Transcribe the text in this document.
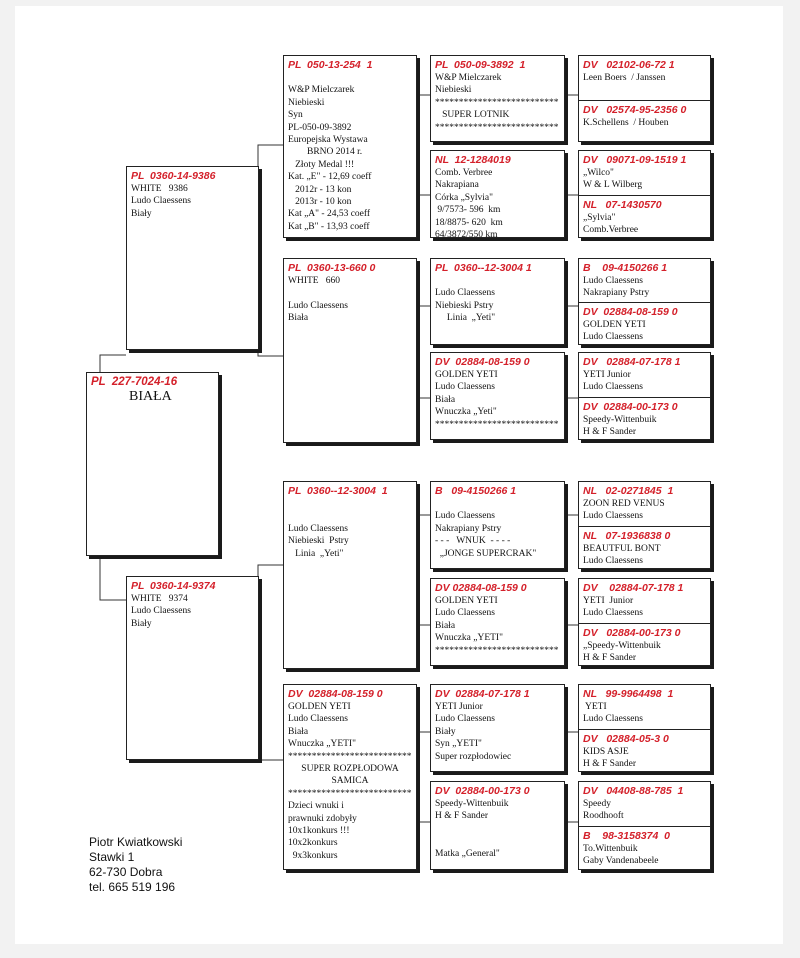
PL  227-7024-16
BIAŁA
PL  0360-14-9386
WHITE   9386
Ludo Claessens
Biały
PL  0360-14-9374
WHITE   9374
Ludo Claessens
Biały
PL  050-13-254  1

W&P Mielczarek
Niebieski
Syn
PL-050-09-3892
Europejska Wystawa
BRNO 2014 r.
Złoty Medal !!!
Kat. „E" - 12,69 coeff
2012r - 13 kon
2013r - 10 kon
Kat „A" - 24,53 coeff
Kat „B" - 13,93 coeff
PL  0360-13-660 0
WHITE   660

Ludo Claessens
Biała
PL  0360--12-3004  1

Ludo Claessens
Niebieski  Pstry
Linia  „Yeti"
DV  02884-08-159 0
GOLDEN YETI
Ludo Claessens
Biała
Wnuczka „YETI"
**************************
SUPER ROZPŁODOWA
SAMICA
**************************
Dzieci wnuki i
prawnuki zdobyły
10x1konkurs !!!
10x2konkurs
9x3konkurs
PL  050-09-3892  1
W&P Mielczarek
Niebieski
**************************
SUPER LOTNIK
**************************
NL  12-1284019
Comb. Verbree
Nakrapiana
Córka „Sylvia"
9/7573- 596  km
18/8875- 620  km
64/3872/550 km
PL  0360--12-3004 1

Ludo Claessens
Niebieski Pstry
Linia  „Yeti"
DV  02884-08-159 0
GOLDEN YETI
Ludo Claessens
Biała
Wnuczka „Yeti"
**************************
B   09-4150266 1

Ludo Claessens
Nakrapiany Pstry
- - -   WNUK  - - - -
„JONGE SUPERCRAK"
DV 02884-08-159 0
GOLDEN YETI
Ludo Claessens
Biała
Wnuczka „YETI"
**************************
DV  02884-07-178 1
YETI Junior
Ludo Claessens
Biały
Syn „YETI"
Super rozpłodowiec
DV  02884-00-173 0
Speedy-Wittenbuik
H & F Sander

Matka „General"
DV   02102-06-72 1
Leen Boers  / Janssen
DV   02574-95-2356 0
K.Schellens  / Houben
DV   09071-09-1519 1
„Wilco"
W & L Wilberg
NL   07-1430570
„Sylvia"
Comb.Verbree
B    09-4150266 1
Ludo Claessens
Nakrapiany Pstry
DV  02884-08-159 0
GOLDEN YETI
Ludo Claessens
DV   02884-07-178 1
YETI Junior
Ludo Claessens
DV  02884-00-173 0
Speedy-Wittenbuik
H & F Sander
NL   02-0271845  1
ZOON RED VENUS
Ludo Claessens
NL   07-1936838 0
BEAUTFUL BONT
Ludo Claessens
DV    02884-07-178 1
YETI  Junior
Ludo Claessens
DV   02884-00-173 0
„Speedy-Wittenbuik
H & F Sander
NL   99-9964498  1
YETI
Ludo Claessens
DV   02884-05-3 0
KIDS ASJE
H & F Sander
DV   04408-88-785  1
Speedy
Roodhooft
B    98-3158374  0
To.Wittenbuik
Gaby Vandenabeele
Piotr Kwiatkowski
Stawki 1
62-730 Dobra
tel. 665 519 196
